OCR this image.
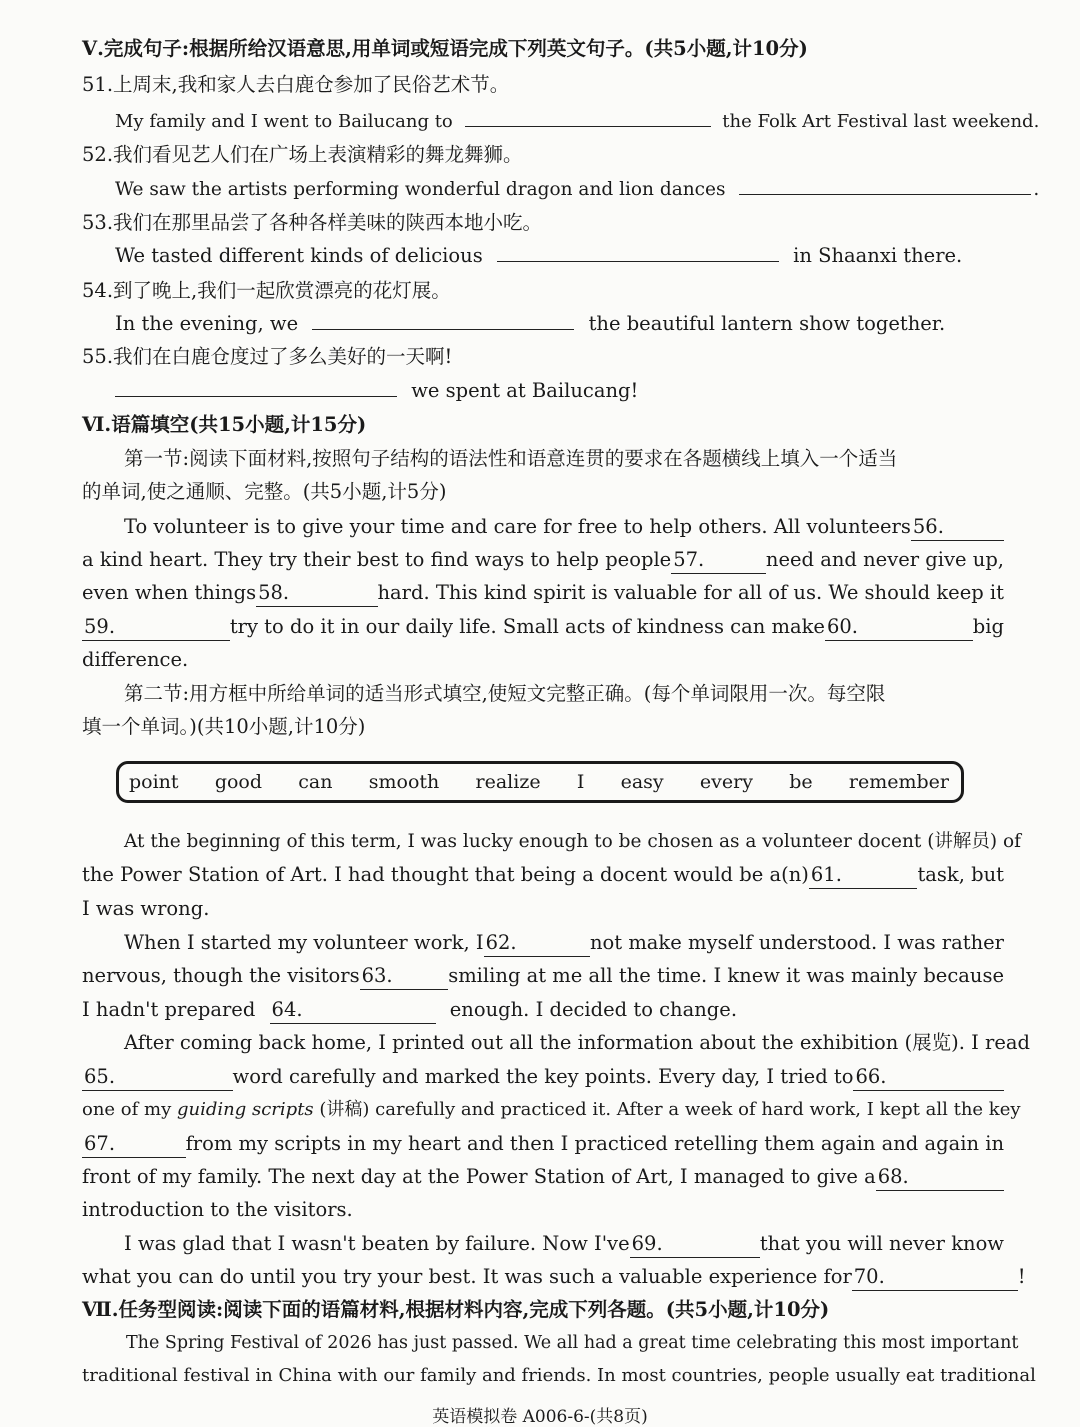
Ⅴ.完成句子:根据所给汉语意思,用单词或短语完成下列英文句子。(共5小题,计10分)
51.上周末,我和家人去白鹿仓参加了民俗艺术节。
My family and I went to Bailucang to	the Folk Art Festival last weekend.
52.我们看见艺人们在广场上表演精彩的舞龙舞狮。
We saw the artists performing wonderful dragon and lion dances	.
53.我们在那里品尝了各种各样美味的陕西本地小吃。
We tasted different kinds of delicious	in Shaanxi there.
54.到了晚上,我们一起欣赏漂亮的花灯展。
In the evening, we	the beautiful lantern show together.
55.我们在白鹿仓度过了多么美好的一天啊!
we spent at Bailucang!
Ⅵ.语篇填空(共15小题,计15分)
第一节:阅读下面材料,按照句子结构的语法性和语意连贯的要求在各题横线上填入一个适当
的单词,使之通顺、完整。(共5小题,计5分)
To volunteer is to give your time and care for free to help others. All volunteers 56.
a kind heart. They try their best to find ways to help people 57.	need and never give up,
even when things 58.	hard. This kind spirit is valuable for all of us. We should keep it
59.	try to do it in our daily life. Small acts of kindness can make 60.	big
difference.
第二节:用方框中所给单词的适当形式填空,使短文完整正确。(每个单词限用一次。每空限
填一个单词。)(共10小题,计10分)
point good can smooth realize I easy every be remember
At the beginning of this term, I was lucky enough to be chosen as a volunteer docent (讲解员) of
the Power Station of Art. I had thought that being a docent would be a(n) 61.	task, but
I was wrong.
When I started my volunteer work, I 62.	not make myself understood. I was rather
nervous, though the visitors 63.	smiling at me all the time. I knew it was mainly because
I hadn't prepared 64.	enough. I decided to change.
After coming back home, I printed out all the information about the exhibition (展览). I read
65.	word carefully and marked the key points. Every day, I tried to 66.
one of my guiding scripts (讲稿) carefully and practiced it. After a week of hard work, I kept all the key
67.	from my scripts in my heart and then I practiced retelling them again and again in
front of my family. The next day at the Power Station of Art, I managed to give a 68.
introduction to the visitors.
I was glad that I wasn't beaten by failure. Now I've 69.	that you will never know
what you can do until you try your best. It was such a valuable experience for 70.	!
Ⅶ.任务型阅读:阅读下面的语篇材料,根据材料内容,完成下列各题。(共5小题,计10分)
The Spring Festival of 2026 has just passed. We all had a great time celebrating this most important
traditional festival in China with our family and friends. In most countries, people usually eat traditional
英语模拟卷 A006-6-(共8页)
